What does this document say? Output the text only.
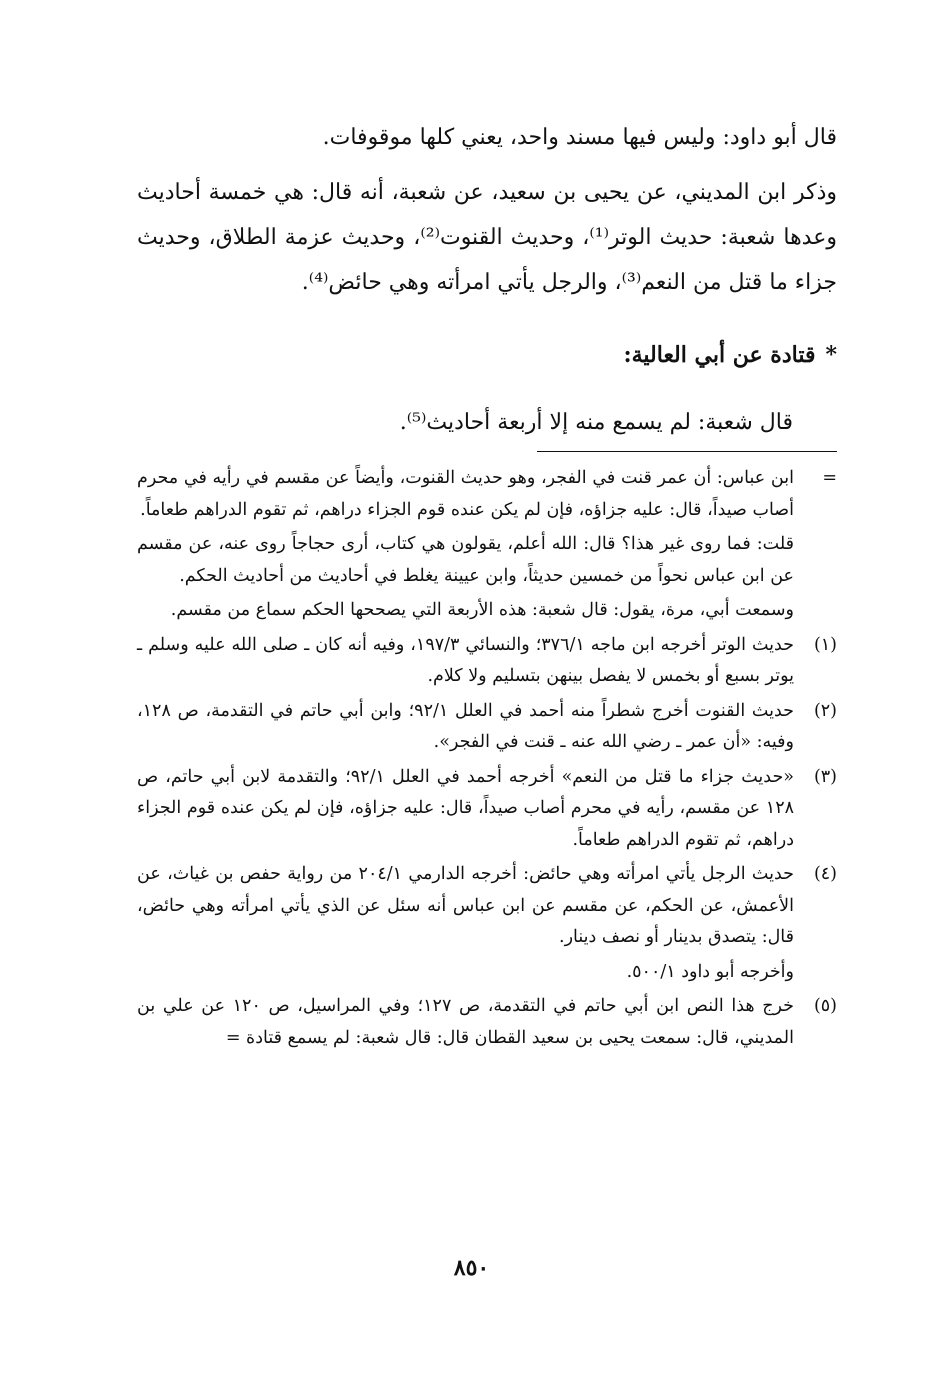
قال أبو داود: وليس فيها مسند واحد، يعني كلها موقوفات.

وذكر ابن المديني، عن يحيى بن سعيد، عن شعبة، أنه قال: هي خمسة أحاديث وعدها شعبة: حديث الوتر⁽¹⁾، وحديث القنوت⁽²⁾، وحديث عزمة الطلاق، وحديث جزاء ما قتل من النعم⁽³⁾، والرجل يأتي امرأته وهي حائض⁽⁴⁾.

*قتادة عن أبي العالية:

قال شعبة: لم يسمع منه إلا أربعة أحاديث⁽⁵⁾.

=

ابن عباس: أن عمر قنت في الفجر، وهو حديث القنوت، وأيضاً عن مقسم في رأيه في محرم أصاب صيداً، قال: عليه جزاؤه، فإن لم يكن عنده قوم الجزاء دراهم، ثم تقوم الدراهم طعاماً.

قلت: فما روى غير هذا؟ قال: الله أعلم، يقولون هي كتاب، أرى حجاجاً روى عنه، عن مقسم عن ابن عباس نحواً من خمسين حديثاً، وابن عيينة يغلط في أحاديث من أحاديث الحكم.

وسمعت أبي، مرة، يقول: قال شعبة: هذه الأربعة التي يصححها الحكم سماع من مقسم.

(١)

حديث الوتر أخرجه ابن ماجه ٣٧٦/١؛ والنسائي ١٩٧/٣، وفيه أنه كان ـ صلى الله عليه وسلم ـ يوتر بسبع أو بخمس لا يفصل بينهن بتسليم ولا كلام.

(٢)

حديث القنوت أخرج شطراً منه أحمد في العلل ٩٢/١؛ وابن أبي حاتم في التقدمة، ص ١٢٨، وفيه: «أن عمر ـ رضي الله عنه ـ قنت في الفجر».

(٣)

«حديث جزاء ما قتل من النعم» أخرجه أحمد في العلل ٩٢/١؛ والتقدمة لابن أبي حاتم، ص ١٢٨ عن مقسم، رأيه في محرم أصاب صيداً، قال: عليه جزاؤه، فإن لم يكن عنده قوم الجزاء دراهم، ثم تقوم الدراهم طعاماً.

(٤)

حديث الرجل يأتي امرأته وهي حائض: أخرجه الدارمي ٢٠٤/١ من رواية حفص بن غياث، عن الأعمش، عن الحكم، عن مقسم عن ابن عباس أنه سئل عن الذي يأتي امرأته وهي حائض، قال: يتصدق بدينار أو نصف دينار.

وأخرجه أبو داود ٥٠٠/١.

(٥)

خرج هذا النص ابن أبي حاتم في التقدمة، ص ١٢٧؛ وفي المراسيل، ص ١٢٠ عن علي بن المديني، قال: سمعت يحيى بن سعيد القطان قال: قال شعبة: لم يسمع قتادة =

٨٥٠
